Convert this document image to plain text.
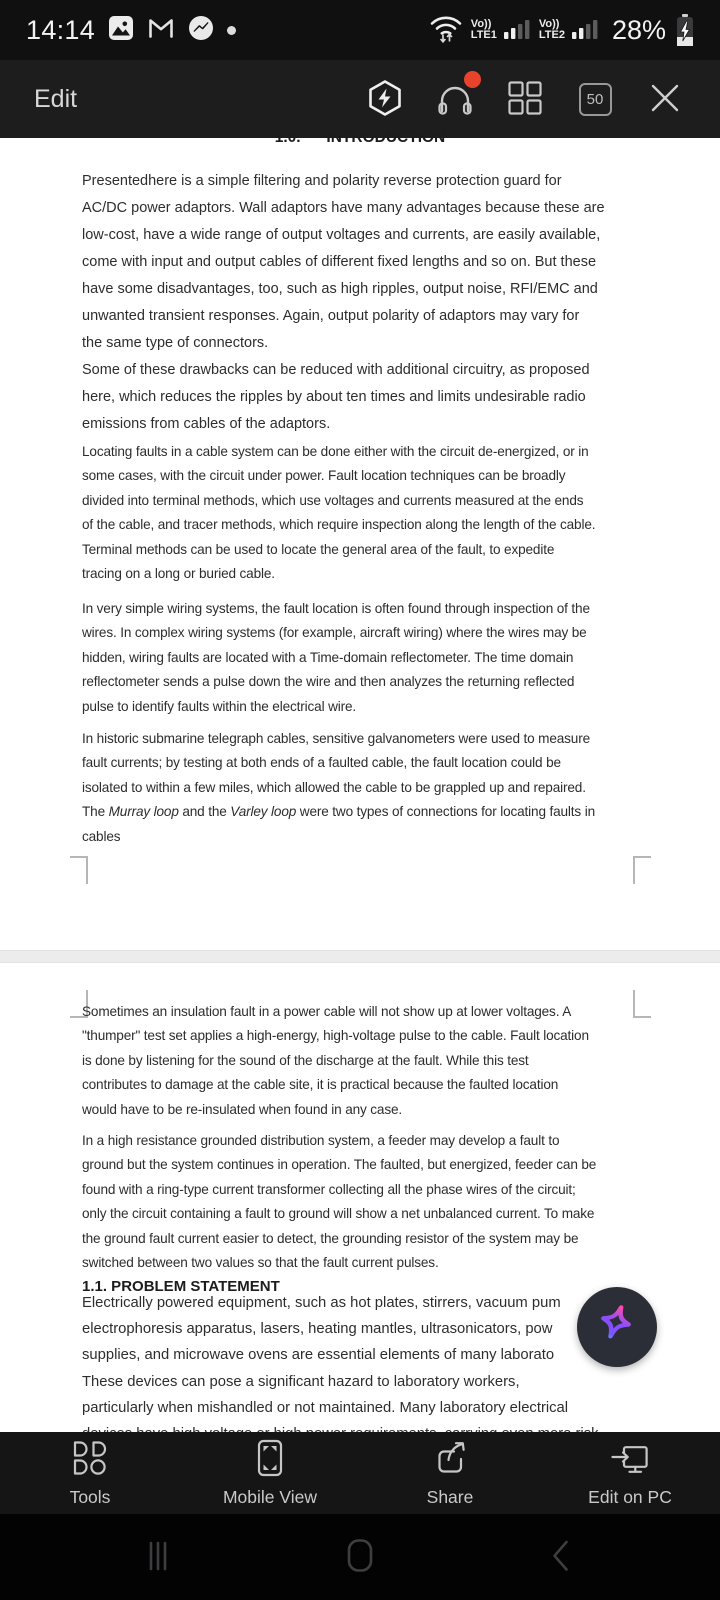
14:14	Vo))
LTE1
Vo))
LTE2 28%
Edit	50
1.0.      INTRODUCTION
Presentedhere is a simple filtering and polarity reverse protection guard for
AC/DC power adaptors. Wall adaptors have many advantages because these are
low-cost, have a wide range of output voltages and currents, are easily available,
come with input and output cables of different fixed lengths and so on. But these
have some disadvantages, too, such as high ripples, output noise, RFI/EMC and
unwanted transient responses. Again, output polarity of adaptors may vary for
the same type of connectors.
Some of these drawbacks can be reduced with additional circuitry, as proposed
here, which reduces the ripples by about ten times and limits undesirable radio
emissions from cables of the adaptors.
Locating faults in a cable system can be done either with the circuit de-energized, or in
some cases, with the circuit under power. Fault location techniques can be broadly
divided into terminal methods, which use voltages and currents measured at the ends
of the cable, and tracer methods, which require inspection along the length of the cable.
Terminal methods can be used to locate the general area of the fault, to expedite
tracing on a long or buried cable.
In very simple wiring systems, the fault location is often found through inspection of the
wires. In complex wiring systems (for example, aircraft wiring) where the wires may be
hidden, wiring faults are located with a Time-domain reflectometer. The time domain
reflectometer sends a pulse down the wire and then analyzes the returning reflected
pulse to identify faults within the electrical wire.
In historic submarine telegraph cables, sensitive galvanometers were used to measure
fault currents; by testing at both ends of a faulted cable, the fault location could be
isolated to within a few miles, which allowed the cable to be grappled up and repaired.
The Murray loop and the Varley loop were two types of connections for locating faults in
cables
Sometimes an insulation fault in a power cable will not show up at lower voltages. A
"thumper" test set applies a high-energy, high-voltage pulse to the cable. Fault location
is done by listening for the sound of the discharge at the fault. While this test
contributes to damage at the cable site, it is practical because the faulted location
would have to be re-insulated when found in any case.
In a high resistance grounded distribution system, a feeder may develop a fault to
ground but the system continues in operation. The faulted, but energized, feeder can be
found with a ring-type current transformer collecting all the phase wires of the circuit;
only the circuit containing a fault to ground will show a net unbalanced current. To make
the ground fault current easier to detect, the grounding resistor of the system may be
switched between two values so that the fault current pulses.
1.1. PROBLEM STATEMENT
Electrically powered equipment, such as hot plates, stirrers, vacuum pum
electrophoresis apparatus, lasers, heating mantles, ultrasonicators, pow
supplies, and microwave ovens are essential elements of many laborato
These devices can pose a significant hazard to laboratory workers,
particularly when mishandled or not maintained. Many laboratory electrical
Tools	Mobile View	Share	Edit on PC
